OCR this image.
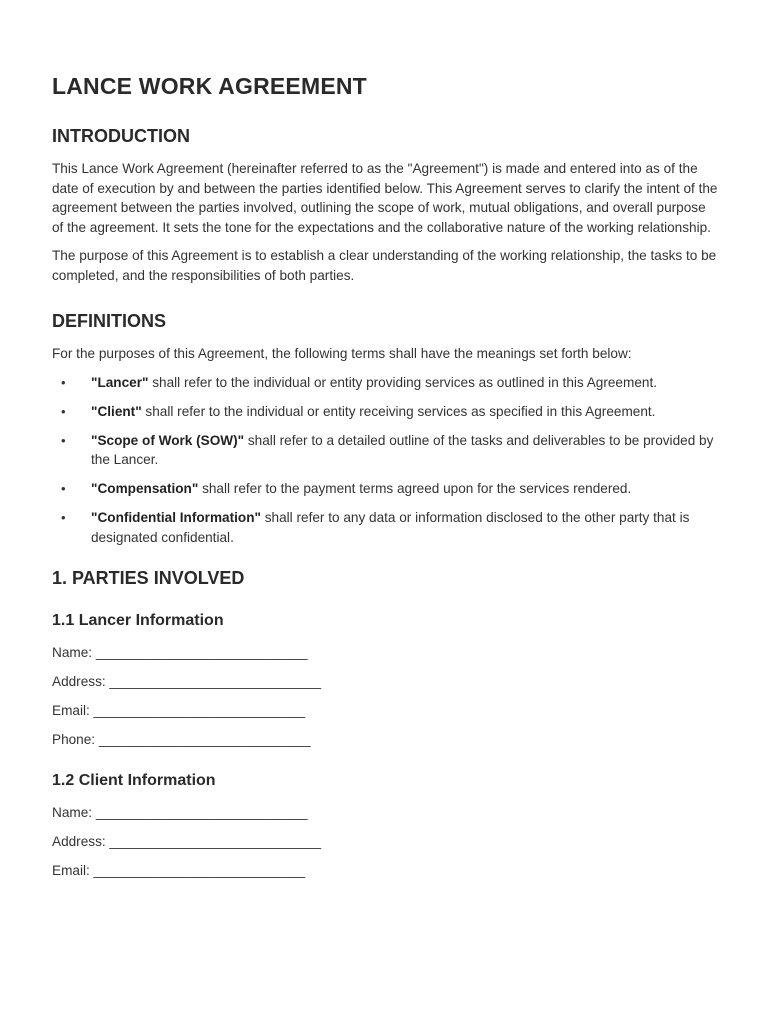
LANCE WORK AGREEMENT
INTRODUCTION

This Lance Work Agreement (hereinafter referred to as the "Agreement") is made and entered into as of the date of execution by and between the parties identified below. This Agreement serves to clarify the intent of the agreement between the parties involved, outlining the scope of work, mutual obligations, and overall purpose of the agreement. It sets the tone for the expectations and the collaborative nature of the working relationship.

The purpose of this Agreement is to establish a clear understanding of the working relationship, the tasks to be completed, and the responsibilities of both parties.

DEFINITIONS

For the purposes of this Agreement, the following terms shall have the meanings set forth below:

• "Lancer" shall refer to the individual or entity providing services as outlined in this Agreement.
• "Client" shall refer to the individual or entity receiving services as specified in this Agreement.
• "Scope of Work (SOW)" shall refer to a detailed outline of the tasks and deliverables to be provided by the Lancer.
• "Compensation" shall refer to the payment terms agreed upon for the services rendered.
• "Confidential Information" shall refer to any data or information disclosed to the other party that is designated confidential.
1. PARTIES INVOLVED
1.1 Lancer Information
Name: ____________________________
Address: ____________________________
Email: ____________________________
Phone: ____________________________
1.2 Client Information
Name: ____________________________
Address: ____________________________
Email: ____________________________
